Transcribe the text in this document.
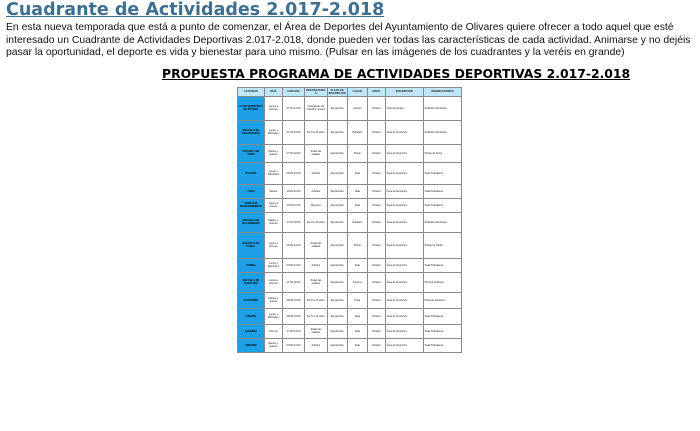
Cuadrante de Actividades 2.017-2.018

En esta nueva temporada que está a punto de comenzar, el Área de Deportes del Ayuntamiento de Olivares quiere ofrecer a todo aquel que esté interesado un Cuadrante de Actividades Deportivas 2.017-2.018, donde pueden ver todas las características de cada actividad. Animarse y no dejéis pasar la oportunidad, el deporte es vida y bienestar para uno mismo. (Pulsar en las imágenes de los cuadrantes y la veréis en grande)

PROPUESTA PROGRAMA DE ACTIVIDADES DEPORTIVAS 2.017-2.018
ACTIVIDAD	DÍAS	HORARIO	DESTINATARIOS	PLAZO DE INSCRIPCIÓN	LUGAR	INICIO	INSCRIPCIÓN	OBSERVACIONES
CLUB DEPORTIVO DE FÚTBOL	Lunes a Viernes	17:00-21:00	Categorías de Infantil a Juvenil	Septiembre	Campo	Octubre	Club Deportivo	Pabellón Municipal
ESCUELA DE BALONCESTO	Lunes y Miércoles	17:00-19:00	De 6 a 16 años	Septiembre	Pabellón	Octubre	Área de Deportes	Pabellón Municipal
ESCUELA DE TENIS	Martes y Jueves	17:00-20:00	Todas las edades	Septiembre	Pistas	Octubre	Área de Deportes	Pistas de Tenis
PILATES	Lunes y Miércoles	09:00-10:00	Adultos	Septiembre	Sala	Octubre	Área de Deportes	Sala Polivalente
YOGA	Martes	19:00-20:00	Adultos	Septiembre	Sala	Octubre	Área de Deportes	Sala Polivalente
GIMNASIA MANTENIMIENTO	Lunes a Jueves	10:00-11:00	Mayores	Septiembre	Sala	Octubre	Área de Deportes	Sala Polivalente
ESCUELA DE BALONMANO	Martes y Jueves	17:00-18:30	De 8 a 14 años	Septiembre	Pabellón	Octubre	Área de Deportes	Pabellón Municipal
ESCUELA DE PÁDEL	Lunes a Viernes	16:00-21:00	Todas las edades	Septiembre	Pistas	Octubre	Área de Deportes	Pistas de Pádel
ZUMBA	Lunes y Miércoles	20:00-21:00	Adultos	Septiembre	Sala	Octubre	Área de Deportes	Sala Polivalente
ESCUELA DE NATACIÓN	Lunes a Viernes	17:00-20:00	Todas las edades	Septiembre	Piscina	Octubre	Área de Deportes	Piscina Cubierta
ATLETISMO	Martes y Jueves	18:00-19:30	De 8 a 16 años	Septiembre	Pista	Octubre	Área de Deportes	Pista de Atletismo
KÁRATE	Lunes y Miércoles	18:00-19:00	De 5 a 14 años	Septiembre	Sala	Octubre	Área de Deportes	Sala Polivalente
AJEDREZ	Viernes	17:00-19:00	Todas las edades	Septiembre	Sala	Octubre	Área de Deportes	Sala Polivalente
AEROBIC	Martes y Jueves	20:00-21:00	Adultos	Septiembre	Sala	Octubre	Área de Deportes	Sala Polivalente
